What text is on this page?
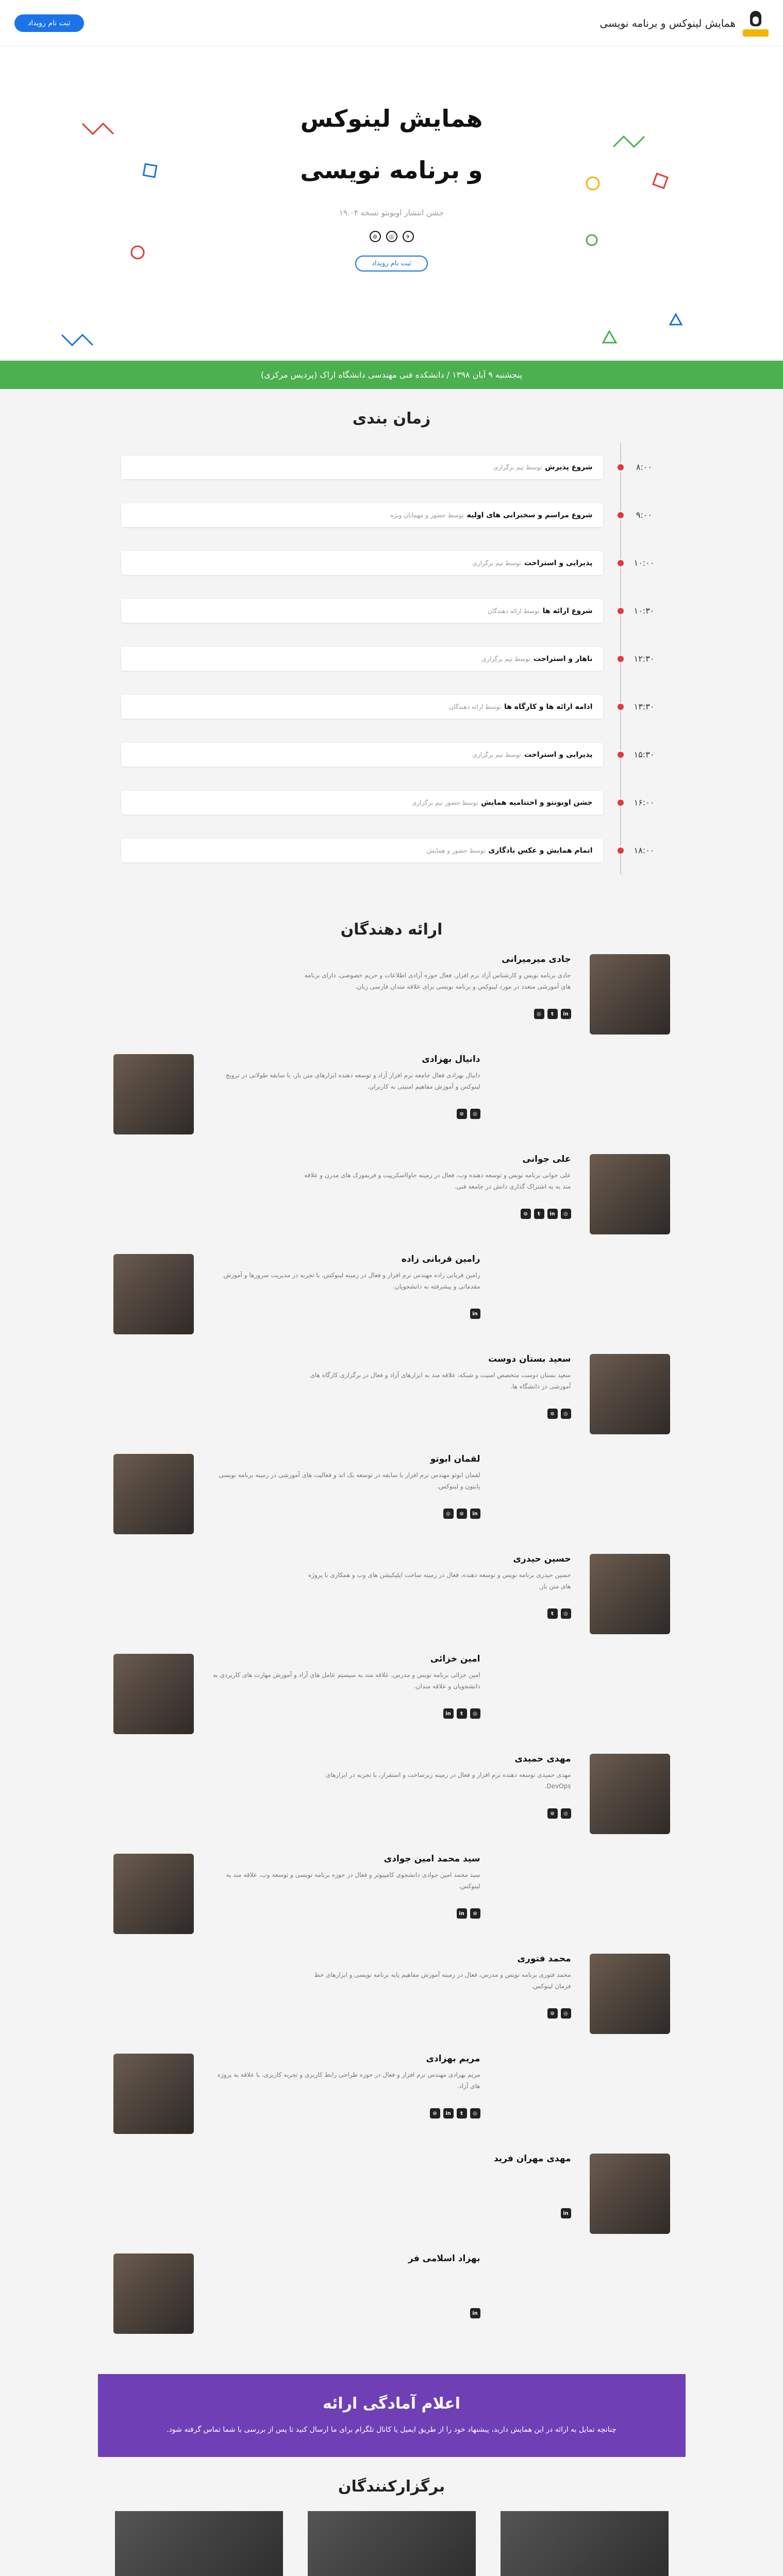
همایش لینوکس و برنامه نویسی
ثبت نام رویداد
همایش لینوکس و برنامه نویسی
جشن انتشار اوبونتو نسخه ۱۹.۰۴
✈
◎
⊙
ثبت نام رویداد
پنجشنبه ۹ آبان ۱۳۹۸ / دانشکده فنی مهندسی دانشگاه اراک (پردیس مرکزی)
زمان بندی
۸:۰۰
شروع پذیرش
توسط تیم برگزاری
۹:۰۰
شروع مراسم و سخنرانی های اولیه
توسط حضور و مهمانان ویژه
۱۰:۰۰
پذیرایی و استراحت
توسط تیم برگزاری
۱۰:۳۰
شروع ارائه ها
توسط ارائه دهندگان
۱۲:۳۰
ناهار و استراحت
توسط تیم برگزاری
۱۳:۳۰
ادامه ارائه ها و کارگاه ها
توسط ارائه دهندگان
۱۵:۳۰
پذیرایی و استراحت
توسط تیم برگزاری
۱۶:۰۰
جشن اوبونتو و اختتامیه همایش
توسط حضور تیم برگزاری
۱۸:۰۰
اتمام همایش و عکس یادگاری
توسط حضور و همایش
ارائه دهندگان
جادی میرمیرانی
جادی برنامه نویس و کارشناس آزاد نرم افزار، فعال حوزه آزادی اطلاعات و حریم خصوصی، دارای برنامه های آموزشی متعدد در مورد لینوکس و برنامه نویسی برای علاقه مندان فارسی زبان.
in
t
◎
دانیال بهزادی
دانیال بهزادی فعال جامعه نرم افزار آزاد و توسعه دهنده ابزارهای متن باز، با سابقه طولانی در ترویج لینوکس و آموزش مفاهیم امنیتی به کاربران.
◎
⊙
علی جوانی
علی جوانی برنامه نویس و توسعه دهنده وب، فعال در زمینه جاوااسکریپت و فریمورک های مدرن و علاقه مند به به اشتراک گذاری دانش در جامعه فنی.
◎
in
t
⊙
رامین قربانی زاده
رامین قربانی زاده مهندس نرم افزار و فعال در زمینه لینوکس، با تجربه در مدیریت سرورها و آموزش مقدماتی و پیشرفته به دانشجویان.
in
سعید بستان دوست
سعید بستان دوست متخصص امنیت و شبکه، علاقه مند به ابزارهای آزاد و فعال در برگزاری کارگاه های آموزشی در دانشگاه ها.
◎
⊙
لقمان ابوتو
لقمان ابوتو مهندس نرم افزار با سابقه در توسعه بک اند و فعالیت های آموزشی در زمینه برنامه نویسی پایتون و لینوکس.
in
⊙
◎
حسین حیدری
حسین حیدری برنامه نویس و توسعه دهنده، فعال در زمینه ساخت اپلیکیشن های وب و همکاری با پروژه های متن باز.
◎
t
امین خزائی
امین خزائی برنامه نویس و مدرس، علاقه مند به سیستم عامل های آزاد و آموزش مهارت های کاربردی به دانشجویان و علاقه مندان.
◎
t
in
مهدی حمیدی
مهدی حمیدی توسعه دهنده نرم افزار و فعال در زمینه زیرساخت و استقرار، با تجربه در ابزارهای DevOps.
◎
⊙
سید محمد امین جوادی
سید محمد امین جوادی دانشجوی کامپیوتر و فعال در حوزه برنامه نویسی و توسعه وب، علاقه مند به لینوکس.
⊙
in
محمد فتوری
محمد فتوری برنامه نویس و مدرس، فعال در زمینه آموزش مفاهیم پایه برنامه نویسی و ابزارهای خط فرمان لینوکس.
◎
⊙
مریم بهزادی
مریم بهزادی مهندس نرم افزار و فعال در حوزه طراحی رابط کاربری و تجربه کاربری، با علاقه به پروژه های آزاد.
◎
t
in
⊙
مهدی مهران فرید
in
بهزاد اسلامی فر
in
اعلام آمادگی ارائه

چنانچه تمایل به ارائه در این همایش دارید، پیشنهاد خود را از طریق ایمیل یا کانال تلگرام برای ما ارسال کنید تا پس از بررسی با شما تماس گرفته شود.

برگزارکنندگان
